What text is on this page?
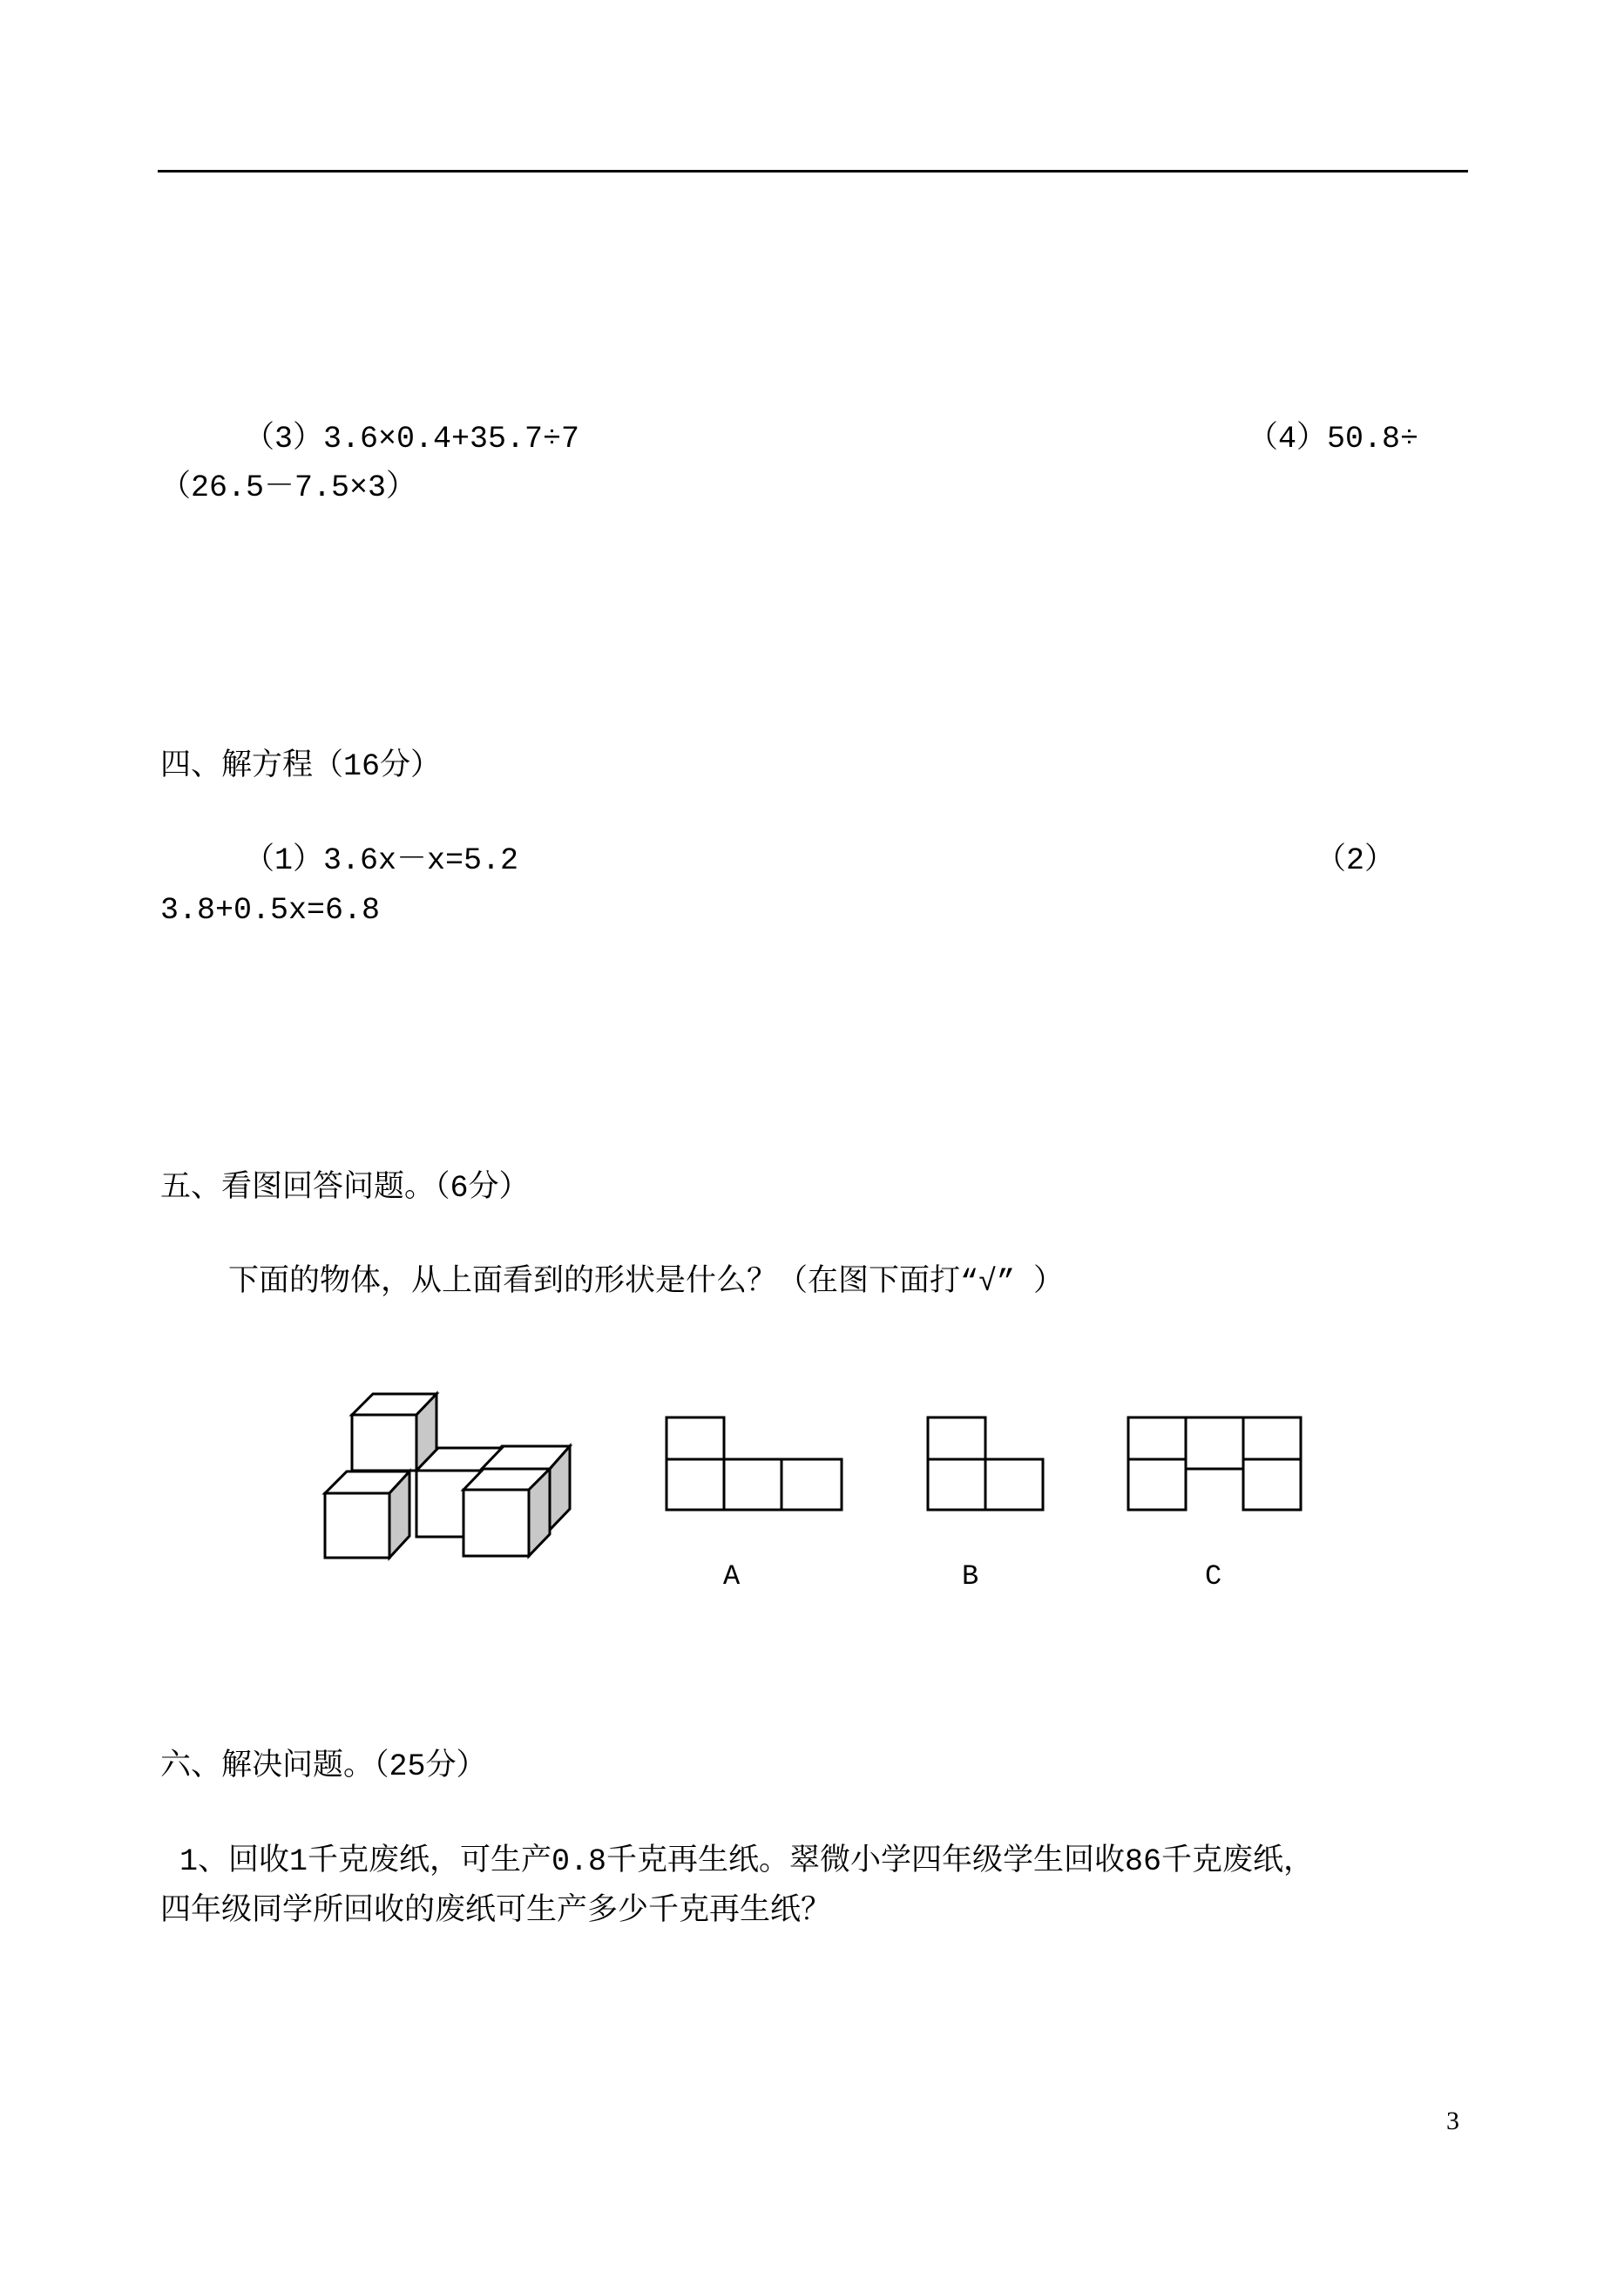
（3）3.6×0.4+35.7÷7	（4）50.8÷
（26.5－7.5×3）
四、解方程（16分）
（1）3.6x－x=5.2	（2）
3.8+0.5x=6.8
五、看图回答问题。（6分）
下面的物体，从上面看到的形状是什么？（在图下面打“√” ）
A	B	C
六、解决问题。（25分）
1、回收1千克废纸，可生产0.8千克再生纸。翠微小学四年级学生回收86千克废纸，
四年级同学所回收的废纸可生产多少千克再生纸？
3
